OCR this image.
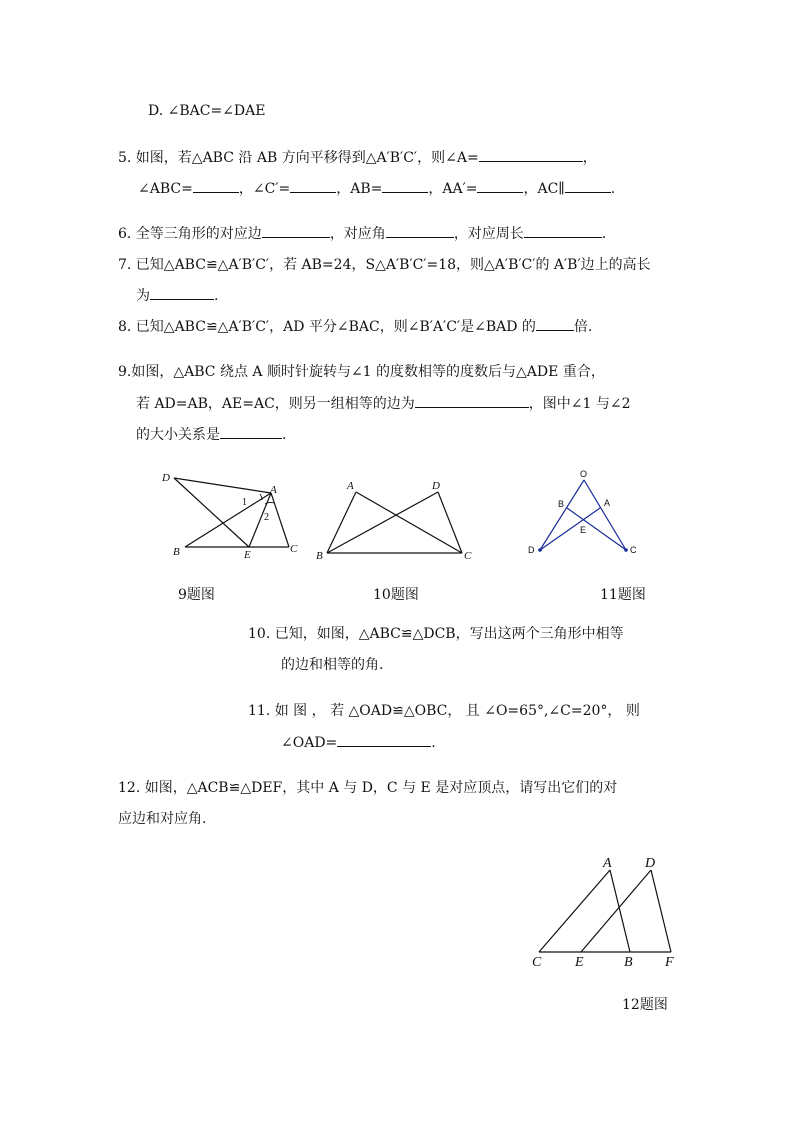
D. ∠BAC=∠DAE
5. 如图，若△ABC 沿 AB 方向平移得到△A′B′C′，则∠A=	，
∠ABC=	，∠C′=	，AB=	，AA′=	，AC∥	.
6. 全等三角形的对应边	，对应角	，对应周长	.
7. 已知△ABC≌△A′B′C′，若 AB=24，S△A′B′C′=18，则△A′B′C′的 A′B′边上的高长
为	.
8. 已知△ABC≌△A′B′C′，AD 平分∠BAC，则∠B′A′C′是∠BAD 的	倍.
9.如图，△ABC 绕点 A 顺时针旋转与∠1 的度数相等的度数后与△ADE 重合，
若 AD=AB，AE=AC，则另一组相等的边为	，图中∠1 与∠2
的大小关系是	.
D
A
B	E	C
1
2
A	D
B	C
O
B	A
E
D	C
9题图	10题图	11题图
10. 已知，如图，△ABC≌△DCB，写出这两个三角形中相等
的边和相等的角.
11. 如 图 ， 若 △OAD≌△OBC， 且 ∠O=65°,∠C=20°， 则
∠OAD=	.
12. 如图，△ACB≌△DEF，其中 A 与 D，C 与 E 是对应顶点，请写出它们的对
应边和对应角.
A D
C E	B F
12题图
